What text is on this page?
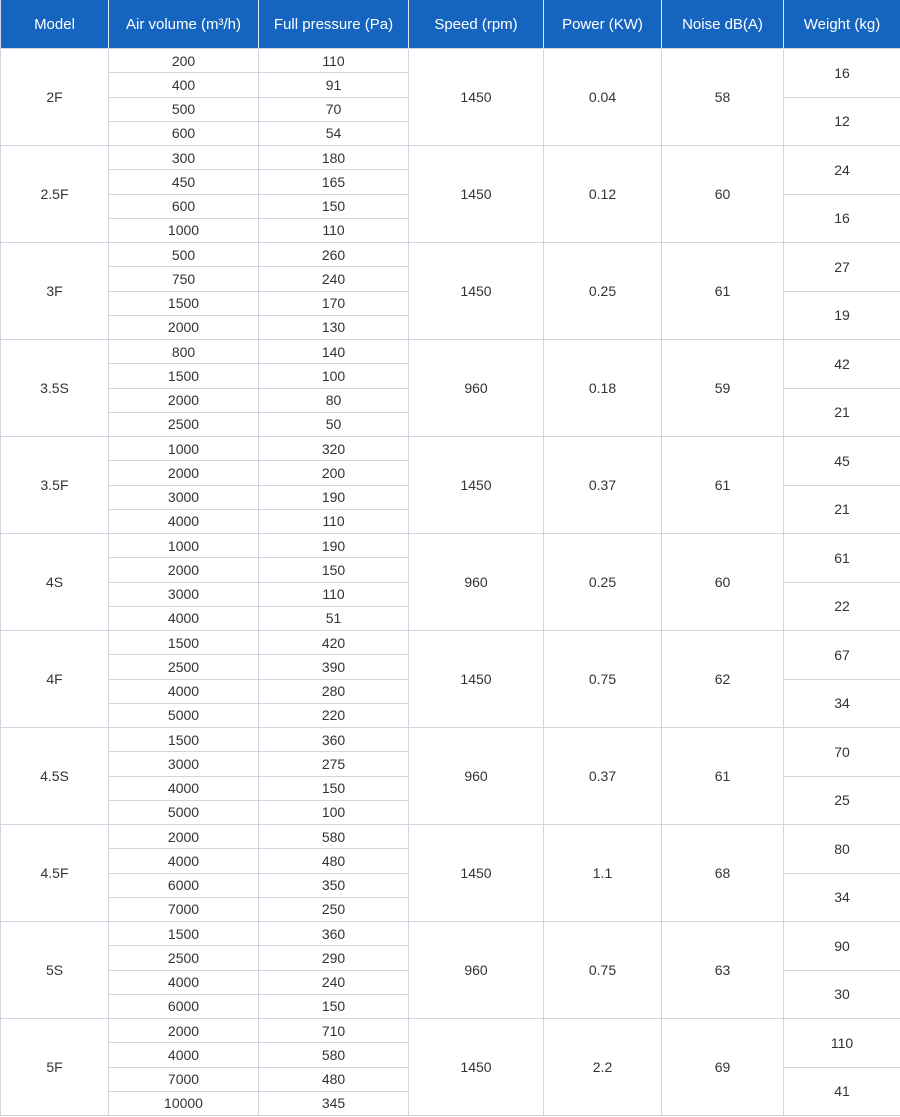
Model	Air volume (m³/h)	Full pressure (Pa)	Speed (rpm)	Power (KW)	Noise dB(A)	Weight (kg)
2F	200	110	1450	0.04	58	16
	400	91				
	500	70				12
	600	54				
2.5F	300	180	1450	0.12	60	24
	450	165				
	600	150				16
	1000	110				
3F	500	260	1450	0.25	61	27
	750	240				
	1500	170				19
	2000	130				
3.5S	800	140	960	0.18	59	42
	1500	100				
	2000	80				21
	2500	50				
3.5F	1000	320	1450	0.37	61	45
	2000	200				
	3000	190				21
	4000	110				
4S	1000	190	960	0.25	60	61
	2000	150				
	3000	110				22
	4000	51				
4F	1500	420	1450	0.75	62	67
	2500	390				
	4000	280				34
	5000	220				
4.5S	1500	360	960	0.37	61	70
	3000	275				
	4000	150				25
	5000	100				
4.5F	2000	580	1450	1.1	68	80
	4000	480				
	6000	350				34
	7000	250				
5S	1500	360	960	0.75	63	90
	2500	290				
	4000	240				30
	6000	150				
5F	2000	710	1450	2.2	69	110
	4000	580				
	7000	480				41
	10000	345				
